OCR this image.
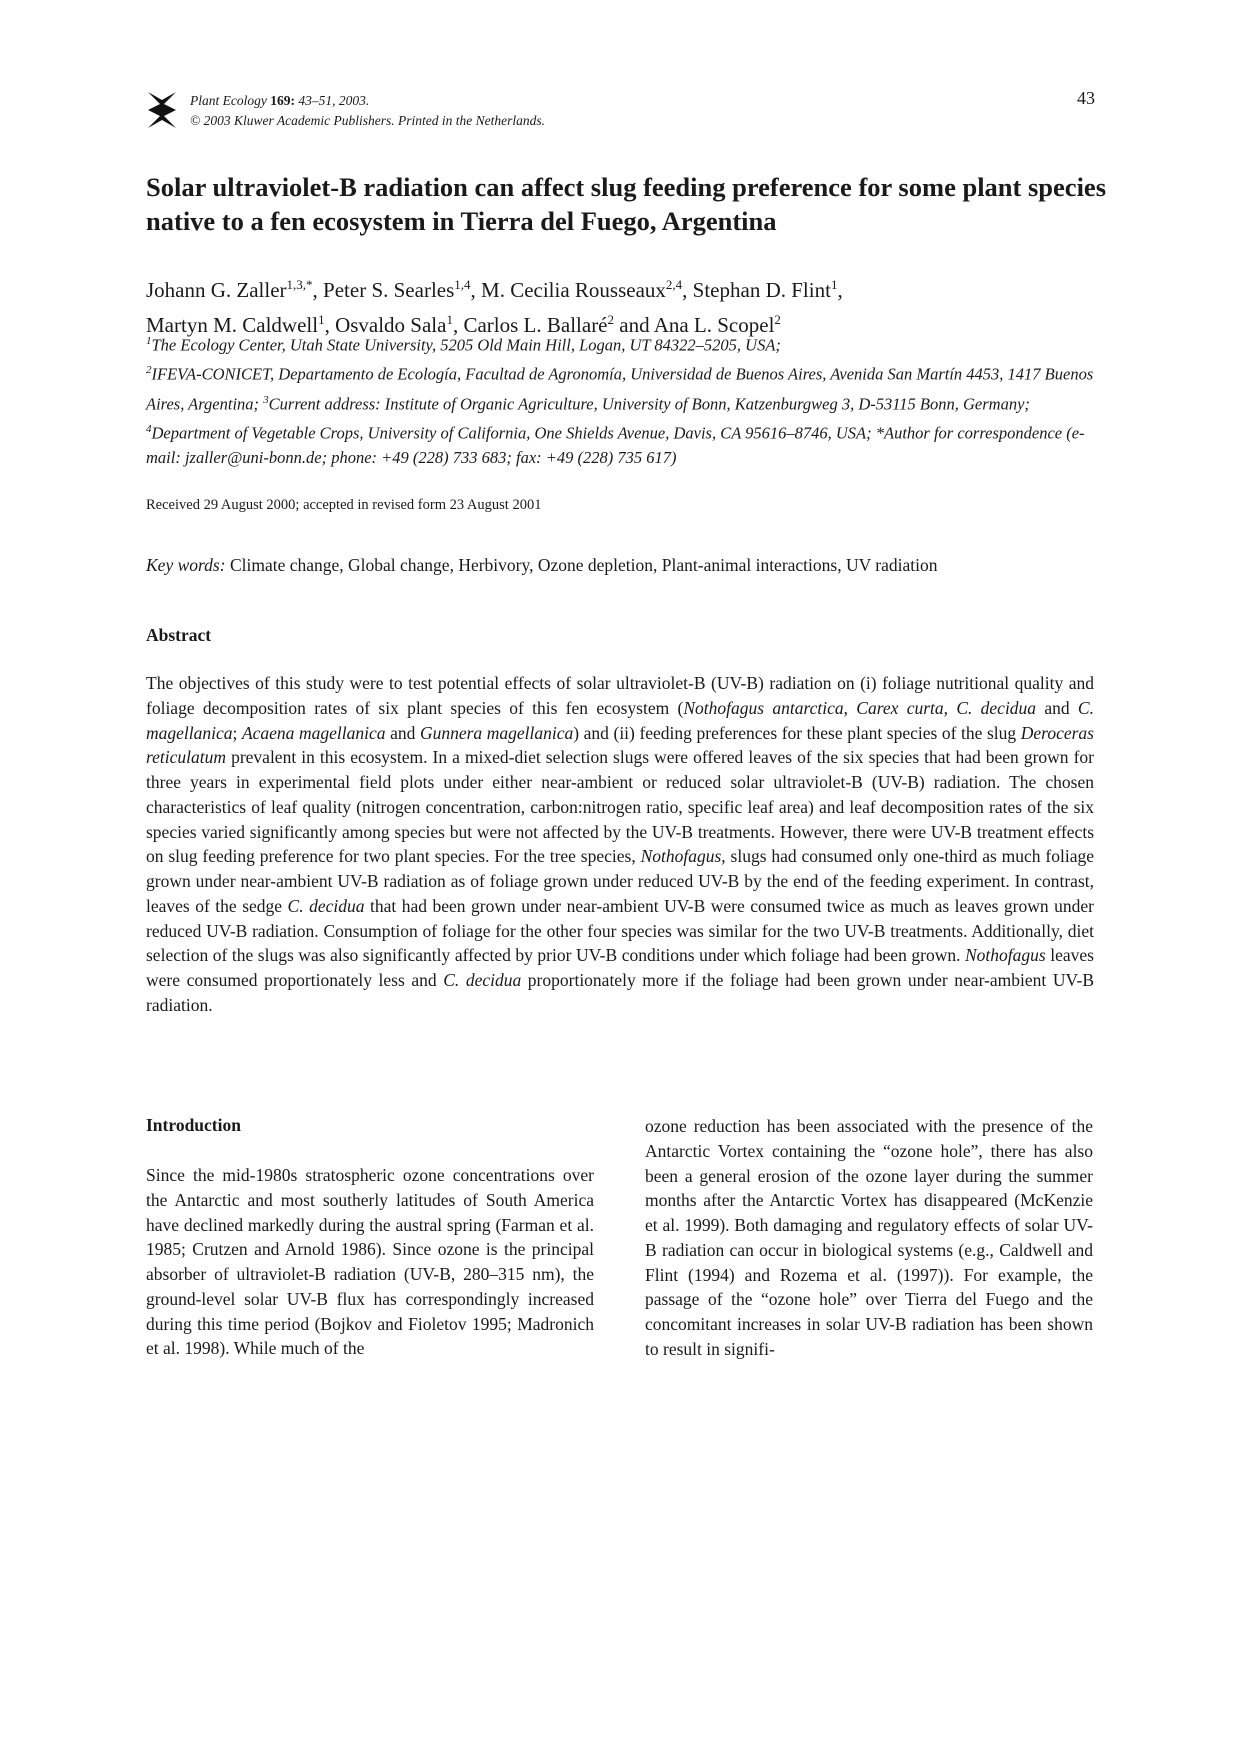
Plant Ecology 169: 43–51, 2003.
© 2003 Kluwer Academic Publishers. Printed in the Netherlands.
43
Solar ultraviolet-B radiation can affect slug feeding preference for some plant species native to a fen ecosystem in Tierra del Fuego, Argentina
Johann G. Zaller$^{1,3,*}$, Peter S. Searles$^{1,4}$, M. Cecilia Rousseaux$^{2,4}$, Stephan D. Flint$^1$,
Martyn M. Caldwell$^1$, Osvaldo Sala$^1$, Carlos L. Ballaré$^2$ and Ana L. Scopel$^2$
$^1$The Ecology Center, Utah State University, 5205 Old Main Hill, Logan, UT 84322–5205, USA;
$^2$IFEVA-CONICET, Departamento de Ecología, Facultad de Agronomía, Universidad de Buenos Aires, Avenida San Martín 4453, 1417 Buenos Aires, Argentina; $^3$Current address: Institute of Organic Agriculture, University of Bonn, Katzenburgweg 3, D-53115 Bonn, Germany; $^4$Department of Vegetable Crops, University of California, One Shields Avenue, Davis, CA 95616–8746, USA; *Author for correspondence (e-mail: jzaller@uni-bonn.de; phone: +49 (228) 733 683; fax: +49 (228) 735 617)
Received 29 August 2000; accepted in revised form 23 August 2001
Key words: Climate change, Global change, Herbivory, Ozone depletion, Plant-animal interactions, UV radiation
Abstract

The objectives of this study were to test potential effects of solar ultraviolet-B (UV-B) radiation on (i) foliage nutritional quality and foliage decomposition rates of six plant species of this fen ecosystem (Nothofagus antarctica, Carex curta, C. decidua and C. magellanica; Acaena magellanica and Gunnera magellanica) and (ii) feeding preferences for these plant species of the slug Deroceras reticulatum prevalent in this ecosystem. In a mixed-diet selection slugs were offered leaves of the six species that had been grown for three years in experimental field plots under either near-ambient or reduced solar ultraviolet-B (UV-B) radiation. The chosen characteristics of leaf quality (nitrogen concentration, carbon:nitrogen ratio, specific leaf area) and leaf decomposition rates of the six species varied significantly among species but were not affected by the UV-B treatments. However, there were UV-B treatment effects on slug feeding preference for two plant species. For the tree species, Nothofagus, slugs had consumed only one-third as much foliage grown under near-ambient UV-B radiation as of foliage grown under reduced UV-B by the end of the feeding experiment. In contrast, leaves of the sedge C. decidua that had been grown under near-ambient UV-B were consumed twice as much as leaves grown under reduced UV-B radiation. Consumption of foliage for the other four species was similar for the two UV-B treatments. Additionally, diet selection of the slugs was also significantly affected by prior UV-B conditions under which foliage had been grown. Nothofagus leaves were consumed proportionately less and C. decidua proportionately more if the foliage had been grown under near-ambient UV-B radiation.

Introduction

Since the mid-1980s stratospheric ozone concentrations over the Antarctic and most southerly latitudes of South America have declined markedly during the austral spring (Farman et al. 1985; Crutzen and Arnold 1986). Since ozone is the principal absorber of ultraviolet-B radiation (UV-B, 280–315 nm), the ground-level solar UV-B flux has correspondingly increased during this time period (Bojkov and Fioletov 1995; Madronich et al. 1998). While much of the

ozone reduction has been associated with the presence of the Antarctic Vortex containing the “ozone hole”, there has also been a general erosion of the ozone layer during the summer months after the Antarctic Vortex has disappeared (McKenzie et al. 1999). Both damaging and regulatory effects of solar UV-B radiation can occur in biological systems (e.g., Caldwell and Flint (1994) and Rozema et al. (1997)). For example, the passage of the “ozone hole” over Tierra del Fuego and the concomitant increases in solar UV-B radiation has been shown to result in signifi-
